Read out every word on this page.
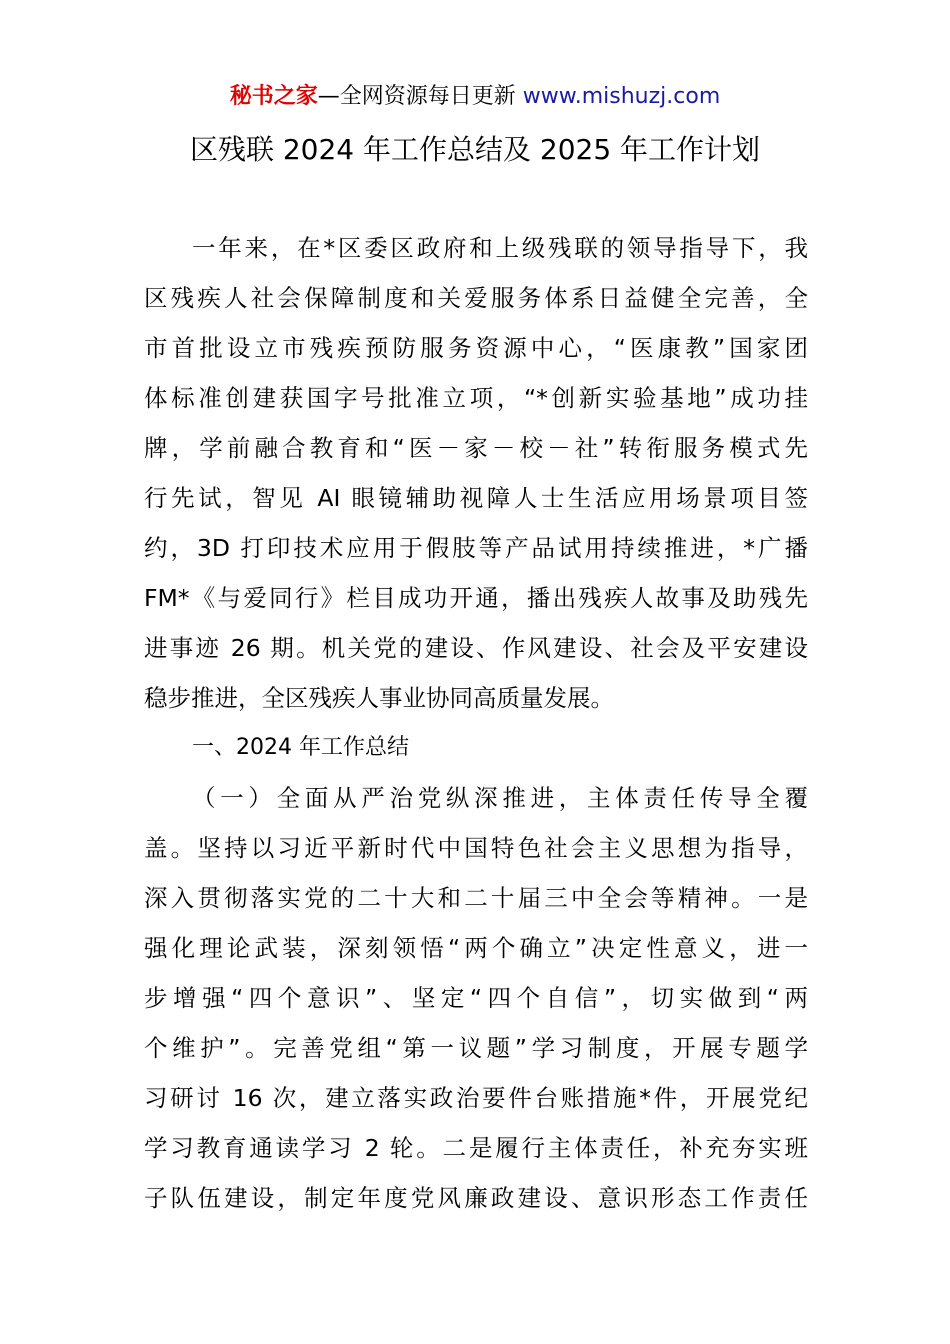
秘书之家—全网资源每日更新 www.mishuzj.com
区残联 2024 年工作总结及 2025 年工作计划
一年来，在*区委区政府和上级残联的领导指导下，我
区残疾人社会保障制度和关爱服务体系日益健全完善，全
市首批设立市残疾预防服务资源中心，“医康教”国家团
体标准创建获国字号批准立项，“*创新实验基地”成功挂
牌，学前融合教育和“医－家－校－社”转衔服务模式先
行先试，智见 AI 眼镜辅助视障人士生活应用场景项目签
约，3D 打印技术应用于假肢等产品试用持续推进，*广播
FM*《与爱同行》栏目成功开通，播出残疾人故事及助残先
进事迹 26 期。机关党的建设、作风建设、社会及平安建设
稳步推进，全区残疾人事业协同高质量发展。
一、2024 年工作总结
（一）全面从严治党纵深推进，主体责任传导全覆
盖。坚持以习近平新时代中国特色社会主义思想为指导，
深入贯彻落实党的二十大和二十届三中全会等精神。一是
强化理论武装，深刻领悟“两个确立”决定性意义，进一
步增强“四个意识”、坚定“四个自信”，切实做到“两
个维护”。完善党组“第一议题”学习制度，开展专题学
习研讨 16 次，建立落实政治要件台账措施*件，开展党纪
学习教育通读学习 2 轮。二是履行主体责任，补充夯实班
子队伍建设，制定年度党风廉政建设、意识形态工作责任
